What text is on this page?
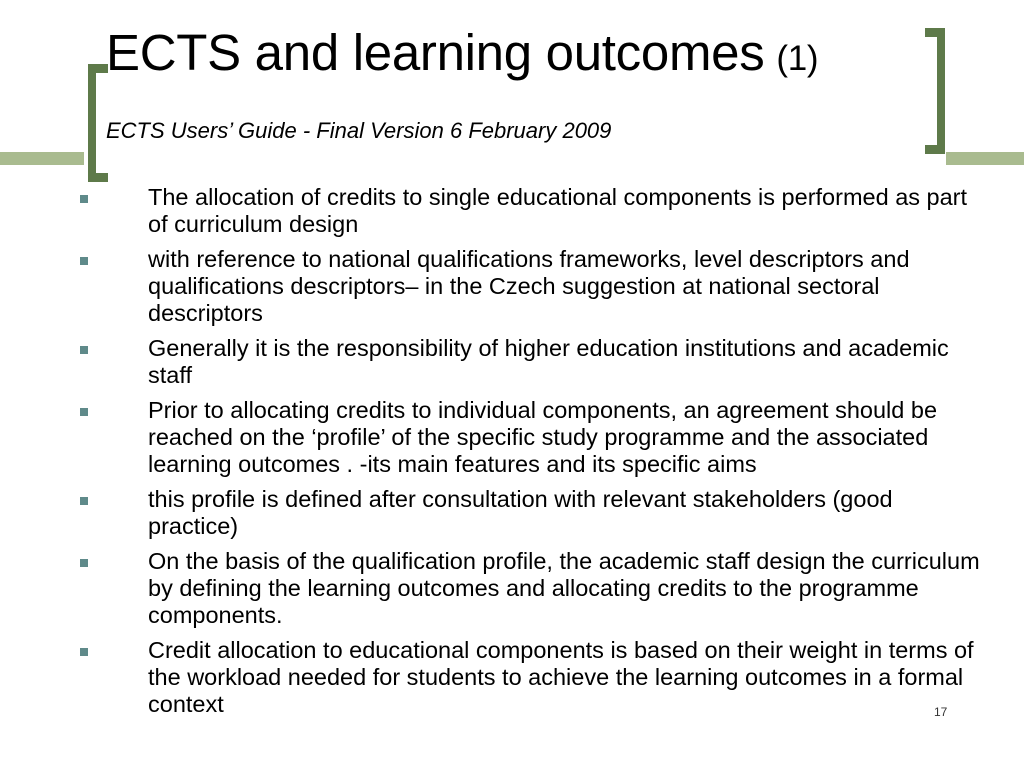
ECTS and learning outcomes (1)
ECTS Users’ Guide - Final Version 6 February 2009
The allocation of credits to single educational components is performed as part of curriculum design
with reference to national qualifications frameworks, level descriptors and qualifications descriptors– in the Czech suggestion at national sectoral descriptors
Generally it is the responsibility of higher education institutions and academic staff
Prior to allocating credits to individual components, an agreement should be reached on the ‘profile’ of the specific study programme and the associated learning outcomes . -its main features and its specific aims
this profile is defined after consultation with relevant stakeholders (good practice)
On the basis of the qualification profile, the academic staff design the curriculum by defining the learning outcomes and allocating credits to the programme components.
Credit allocation to educational components is based on their weight in terms of the workload needed for students to achieve the learning outcomes in a formal context	17
